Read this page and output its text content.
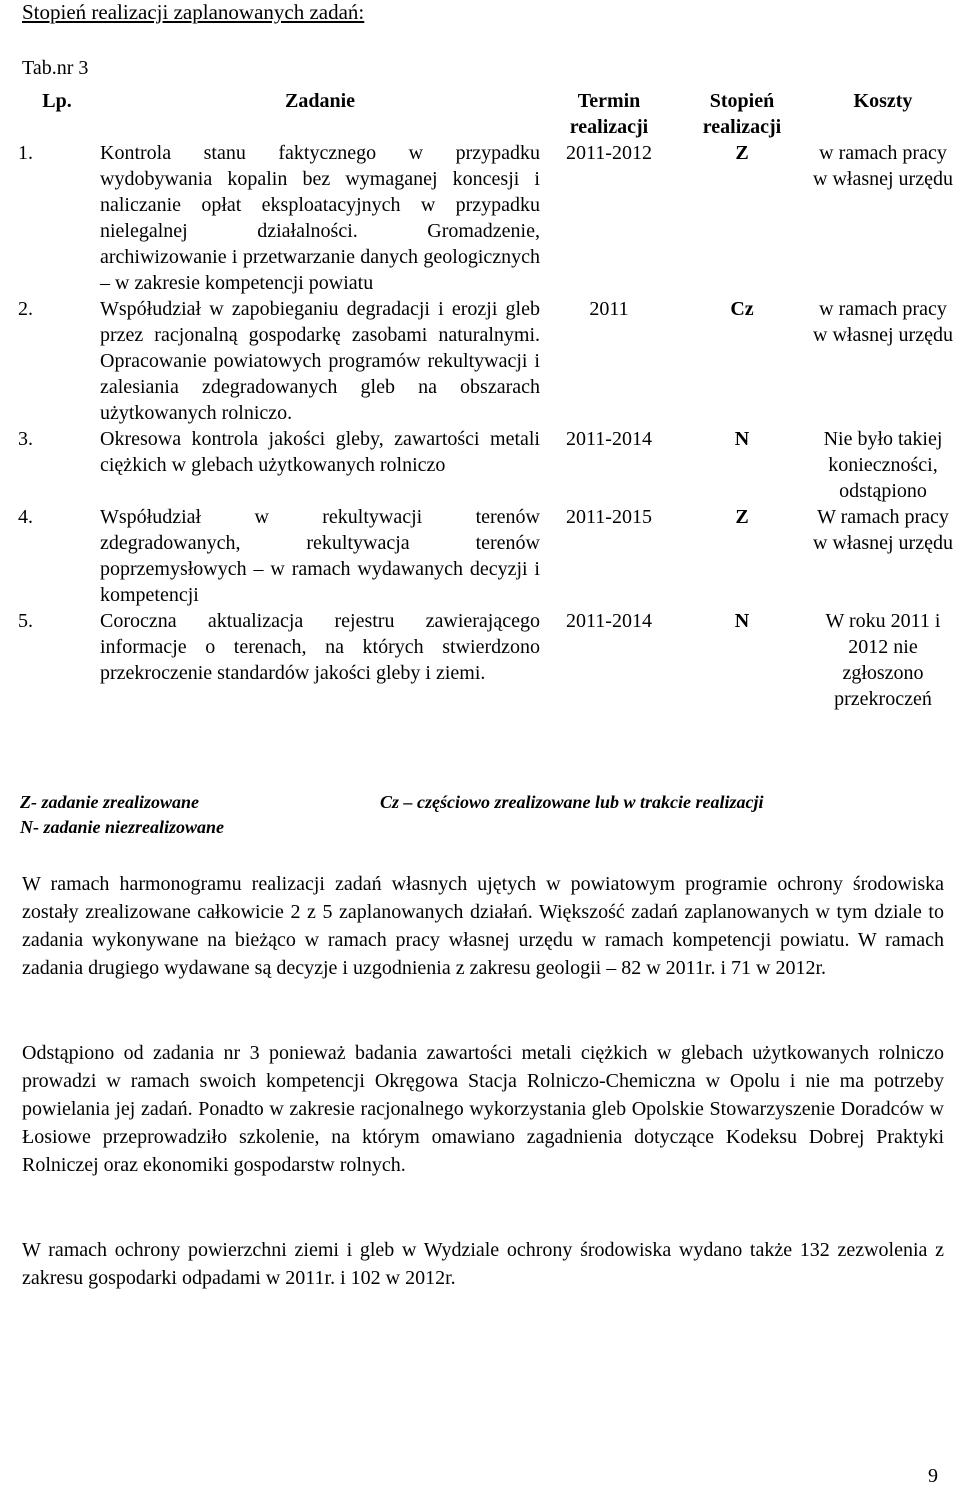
Stopień realizacji zaplanowanych zadań:
Tab.nr 3
Lp.	Zadanie	Termin realizacji	Stopień realizacji	Koszty
1.	Kontrola stanu faktycznego w przypadku wydobywania kopalin bez wymaganej koncesji i naliczanie opłat eksploatacyjnych w przypadku nielegalnej działalności. Gromadzenie, archiwizowanie i przetwarzanie danych geologicznych – w zakresie kompetencji powiatu	2011-2012	Z	w ramach pracy w własnej urzędu
2.	Współudział w zapobieganiu degradacji i erozji gleb przez racjonalną gospodarkę zasobami naturalnymi. Opracowanie powiatowych programów rekultywacji i zalesiania zdegradowanych gleb na obszarach użytkowanych rolniczo.	2011	Cz	w ramach pracy w własnej urzędu
3.	Okresowa kontrola jakości gleby, zawartości metali ciężkich w glebach użytkowanych rolniczo	2011-2014	N	Nie było takiej konieczności, odstąpiono
4.	Współudział w rekultywacji terenów zdegradowanych, rekultywacja terenów poprzemysłowych – w ramach wydawanych decyzji i kompetencji	2011-2015	Z	W ramach pracy w własnej urzędu
5.	Coroczna aktualizacja rejestru zawierającego informacje o terenach, na których stwierdzono przekroczenie standardów jakości gleby i ziemi.	2011-2014	N	W roku 2011 i 2012 nie zgłoszono przekroczeń
Z- zadanie zrealizowane	Cz – częściowo zrealizowane lub w trakcie realizacji
N- zadanie niezrealizowane

W ramach harmonogramu realizacji zadań własnych ujętych w powiatowym programie ochrony środowiska zostały zrealizowane całkowicie 2 z 5 zaplanowanych działań. Większość zadań zaplanowanych w tym dziale to zadania wykonywane na bieżąco w ramach pracy własnej urzędu w ramach kompetencji powiatu. W ramach zadania drugiego wydawane są decyzje i uzgodnienia z zakresu geologii – 82 w 2011r. i 71 w 2012r.

Odstąpiono od zadania nr 3 ponieważ badania zawartości metali ciężkich w glebach użytkowanych rolniczo prowadzi w ramach swoich kompetencji Okręgowa Stacja Rolniczo-Chemiczna w Opolu i nie ma potrzeby powielania jej zadań. Ponadto w zakresie racjonalnego wykorzystania gleb Opolskie Stowarzyszenie Doradców w Łosiowe przeprowadziło szkolenie, na którym omawiano zagadnienia dotyczące Kodeksu Dobrej Praktyki Rolniczej oraz ekonomiki gospodarstw rolnych.

W ramach ochrony powierzchni ziemi i gleb w Wydziale ochrony środowiska wydano także 132 zezwolenia z zakresu gospodarki odpadami w 2011r. i 102 w 2012r.

9
